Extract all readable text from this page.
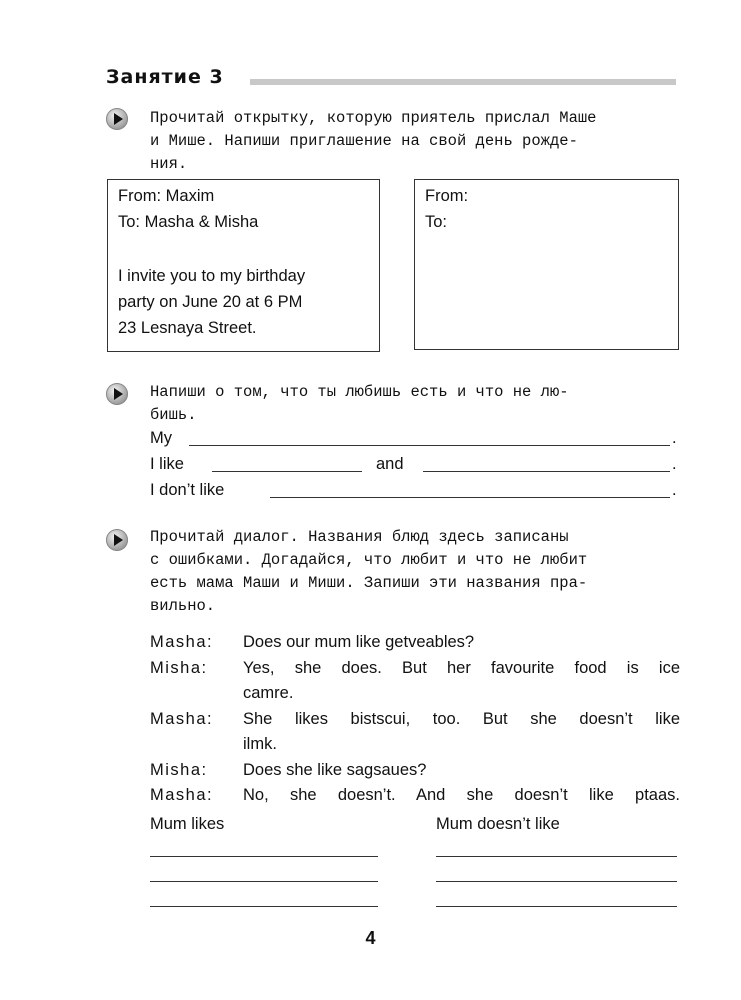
Занятие 3
Прочитай открытку, которую приятель прислал Маше
и Мише. Напиши приглашение на свой день рожде-
ния.
From: Maxim
To: Masha & Misha
I invite you to my birthday
party on June 20 at 6 PM
23 Lesnaya Street.
From:
To:
Напиши о том, что ты любишь есть и что не лю-
бишь.
My	.
I like	and	.
I don’t like	.
Прочитай диалог. Названия блюд здесь записаны
с ошибками. Догадайся, что любит и что не любит
есть мама Маши и Миши. Запиши эти названия пра-
вильно.
Masha: Does our mum like getveables?
Misha:	Yes, she does. But her favourite food is ice
camre.
Masha:	She likes bistscui, too. But she doesn’t like
ilmk.
Misha: Does she like sagsaues?
Masha:	No, she doesn’t. And she doesn’t like ptaas.
Mum likes	Mum doesn’t like
4
